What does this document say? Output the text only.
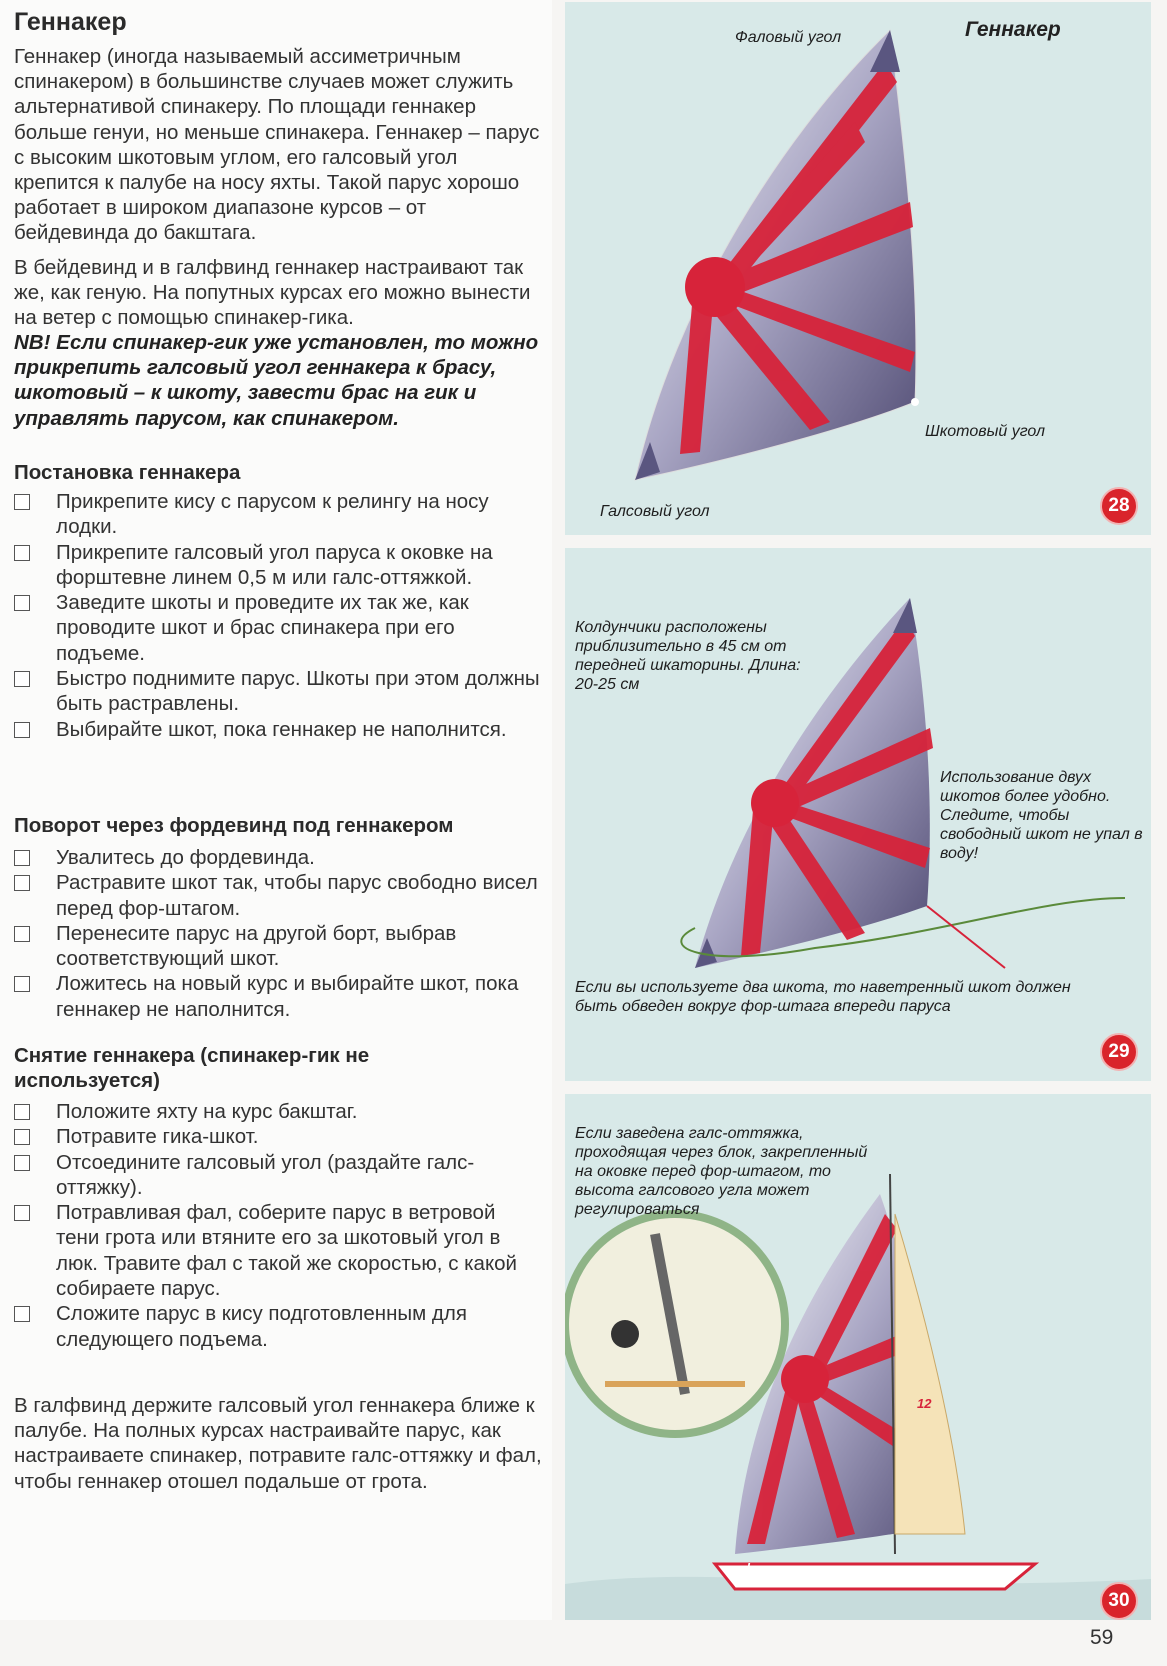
Геннакер

Геннакер (иногда называемый ассиметричным спинакером) в большинстве случаев может служить альтернативой спинакеру. По площади геннакер больше генуи, но меньше спинакера. Геннакер – парус с высоким шкотовым углом, его галсовый угол крепится к палубе на носу яхты. Такой парус хорошо работает в широком диапазоне курсов – от бейдевинда до бакштага.

В бейдевинд и в галфвинд геннакер настраивают так же, как геную. На попутных курсах его можно вынести на ветер с помощью спинакер-гика.

NB! Если спинакер-гик уже установлен, то можно прикрепить галсовый угол геннакера к брасу, шкотовый – к шкоту, завести брас на гик и управлять парусом, как спинакером.

Постановка геннакера
Прикрепите кису с парусом к релингу на носу лодки.
Прикрепите галсовый угол паруса к оковке на форштевне линем 0,5 м или галс-оттяжкой.
Заведите шкоты и проведите их так же, как проводите шкот и брас спинакера при его подъеме.
Быстро поднимите парус. Шкоты при этом должны быть растравлены.
Выбирайте шкот, пока геннакер не наполнится.
Поворот через фордевинд под геннакером
Увалитесь до фордевинда.
Растравите шкот так, чтобы парус свободно висел перед фор-штагом.
Перенесите парус на другой борт, выбрав соответствующий шкот.
Ложитесь на новый курс и выбирайте шкот, пока геннакер не наполнится.
Снятие геннакера (спинакер-гик не используется)
Положите яхту на курс бакштаг.
Потравите гика-шкот.
Отсоедините галсовый угол (раздайте галс-оттяжку).
Потравливая фал, соберите парус в ветровой тени грота или втяните его за шкотовый угол в люк. Травите фал с такой же скоростью, с какой собираете парус.
Сложите парус в кису подготовленным для следующего подъема.

В галфвинд держите галсовый угол геннакера ближе к палубе. На полных курсах настраивайте парус, как настраиваете спинакер, потравите галс-оттяжку и фал, чтобы геннакер отошел подальше от грота.

Геннакер
Фаловый угол
Шкотовый угол
Галсовый угол	28
Колдунчики расположены приблизительно в 45 см от передней шкаторины. Длина: 20-25 см
Использование двух шкотов более удобно. Следите, чтобы свободный шкот не упал в воду!
Если вы используете два шкота, то наветренный шкот должен быть обведен вокруг фор-штага впереди паруса
29
Если заведена галс-оттяжка, проходящая через блок, закрепленный на оковке перед фор-штагом, то высота галсового угла может регулироваться
shogun
12
30
59
